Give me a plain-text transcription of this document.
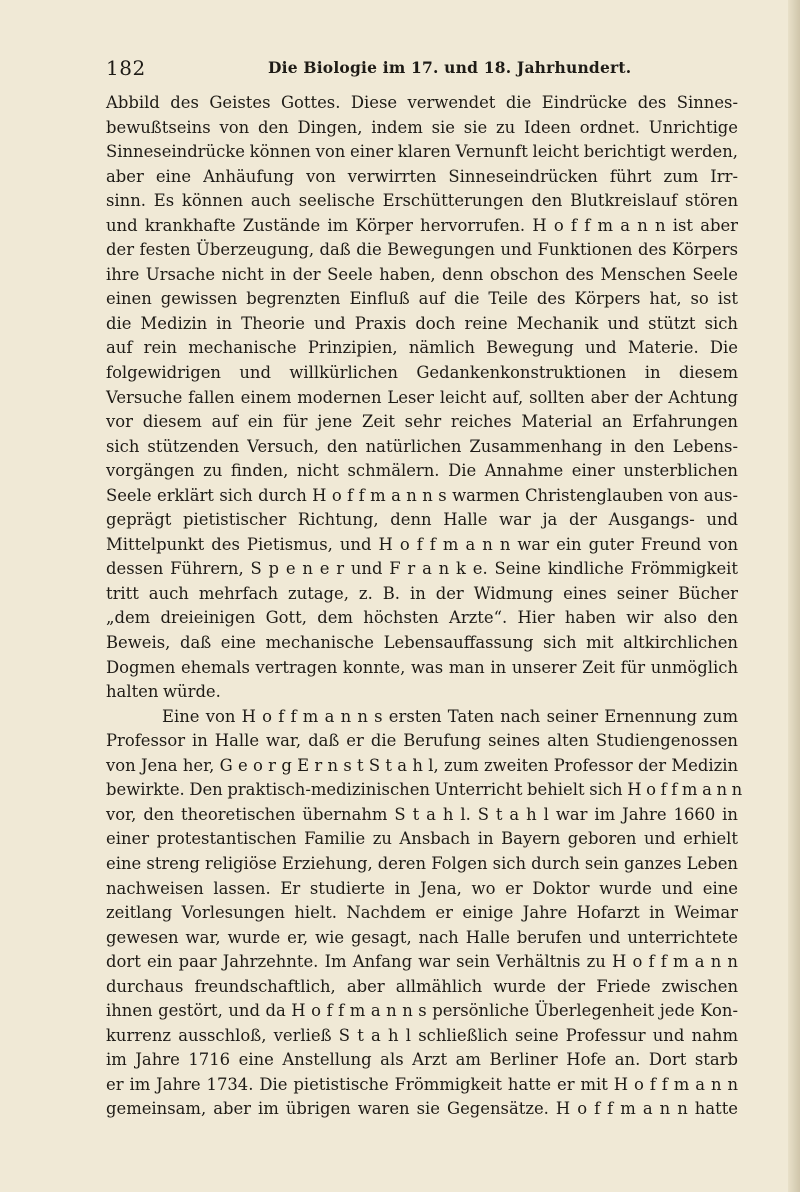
182	Die Biologie im 17. und 18. Jahrhundert.
Abbild des Geistes Gottes. Diese verwendet die Eindrücke des Sinnes-
bewußtseins von den Dingen, indem sie sie zu Ideen ordnet. Unrichtige
Sinneseindrücke können von einer klaren Vernunft leicht berichtigt werden,
aber eine Anhäufung von verwirrten Sinneseindrücken führt zum Irr-
sinn. Es können auch seelische Erschütterungen den Blutkreislauf stören
und krankhafte Zustände im Körper hervorrufen. H o f f m a n n ist aber
der festen Überzeugung, daß die Bewegungen und Funktionen des Körpers
ihre Ursache nicht in der Seele haben, denn obschon des Menschen Seele
einen gewissen begrenzten Einfluß auf die Teile des Körpers hat, so ist
die Medizin in Theorie und Praxis doch reine Mechanik und stützt sich
auf rein mechanische Prinzipien, nämlich Bewegung und Materie. Die
folgewidrigen und willkürlichen Gedankenkonstruktionen in diesem
Versuche fallen einem modernen Leser leicht auf, sollten aber der Achtung
vor diesem auf ein für jene Zeit sehr reiches Material an Erfahrungen
sich stützenden Versuch, den natürlichen Zusammenhang in den Lebens-
vorgängen zu finden, nicht schmälern. Die Annahme einer unsterblichen
Seele erklärt sich durch H o f f m a n n s warmen Christenglauben von aus-
geprägt pietistischer Richtung, denn Halle war ja der Ausgangs- und
Mittelpunkt des Pietismus, und H o f f m a n n war ein guter Freund von
dessen Führern, S p e n e r und F r a n k e. Seine kindliche Frömmigkeit
tritt auch mehrfach zutage, z. B. in der Widmung eines seiner Bücher
„dem dreieinigen Gott, dem höchsten Arzte“. Hier haben wir also den
Beweis, daß eine mechanische Lebensauffassung sich mit altkirchlichen
Dogmen ehemals vertragen konnte, was man in unserer Zeit für unmöglich
halten würde.
Eine von H o f f m a n n s ersten Taten nach seiner Ernennung zum
Professor in Halle war, daß er die Berufung seines alten Studiengenossen
von Jena her, G e o r g E r n s t S t a h l, zum zweiten Professor der Medizin
bewirkte. Den praktisch-medizinischen Unterricht behielt sich H o f f m a n n
vor, den theoretischen übernahm S t a h l. S t a h l war im Jahre 1660 in
einer protestantischen Familie zu Ansbach in Bayern geboren und erhielt
eine streng religiöse Erziehung, deren Folgen sich durch sein ganzes Leben
nachweisen lassen. Er studierte in Jena, wo er Doktor wurde und eine
zeitlang Vorlesungen hielt. Nachdem er einige Jahre Hofarzt in Weimar
gewesen war, wurde er, wie gesagt, nach Halle berufen und unterrichtete
dort ein paar Jahrzehnte. Im Anfang war sein Verhältnis zu H o f f m a n n
durchaus freundschaftlich, aber allmählich wurde der Friede zwischen
ihnen gestört, und da H o f f m a n n s persönliche Überlegenheit jede Kon-
kurrenz ausschloß, verließ S t a h l schließlich seine Professur und nahm
im Jahre 1716 eine Anstellung als Arzt am Berliner Hofe an. Dort starb
er im Jahre 1734. Die pietistische Frömmigkeit hatte er mit H o f f m a n n
gemeinsam, aber im übrigen waren sie Gegensätze. H o f f m a n n hatte
